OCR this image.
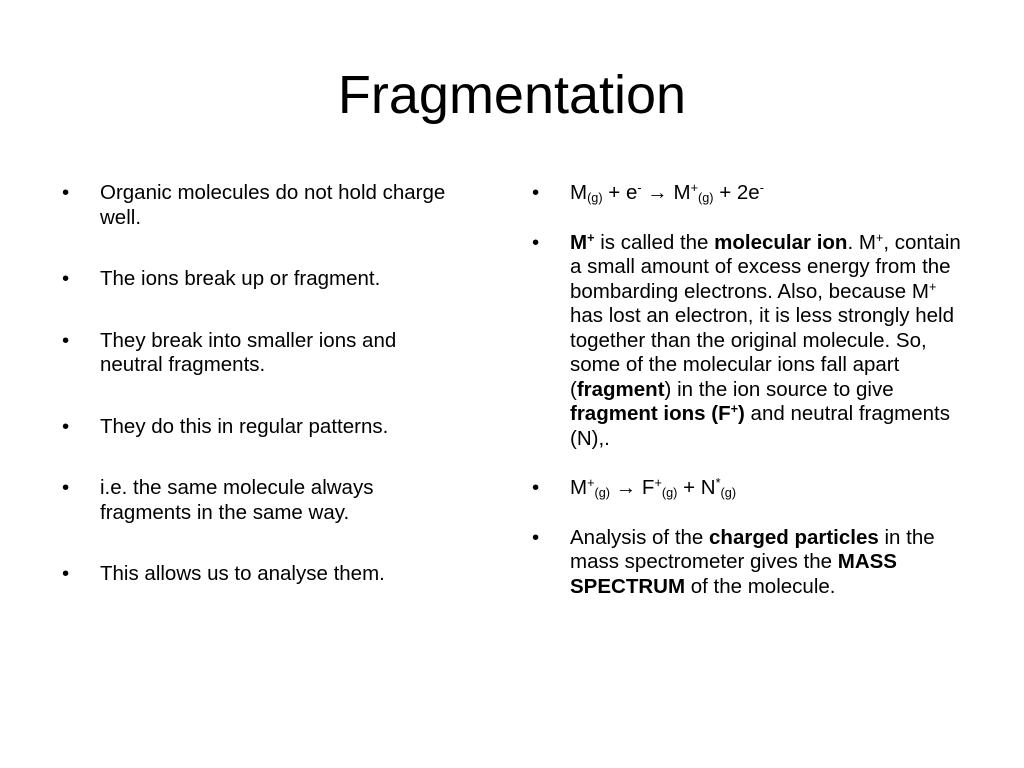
Fragmentation
• Organic molecules do not hold charge well.
• The ions break up or fragment.
• They break into smaller ions and neutral fragments.
• They do this in regular patterns.
• i.e. the same molecule always fragments in the same way.
• This allows us to analyse them.
• $M_{(g)} + e^- \to M^+_{(g)} + 2e^-$
• M+ is called the molecular ion. M+, contain a small amount of excess energy from the bombarding electrons. Also, because M+ has lost an electron, it is less strongly held together than the original molecule. So, some of the molecular ions fall apart (fragment) in the ion source to give fragment ions (F+) and neutral fragments (N),.
• $M^+_{(g)} \to F^+_{(g)} + N^*_{(g)}$
• Analysis of the charged particles in the mass spectrometer gives the MASS SPECTRUM of the molecule.
